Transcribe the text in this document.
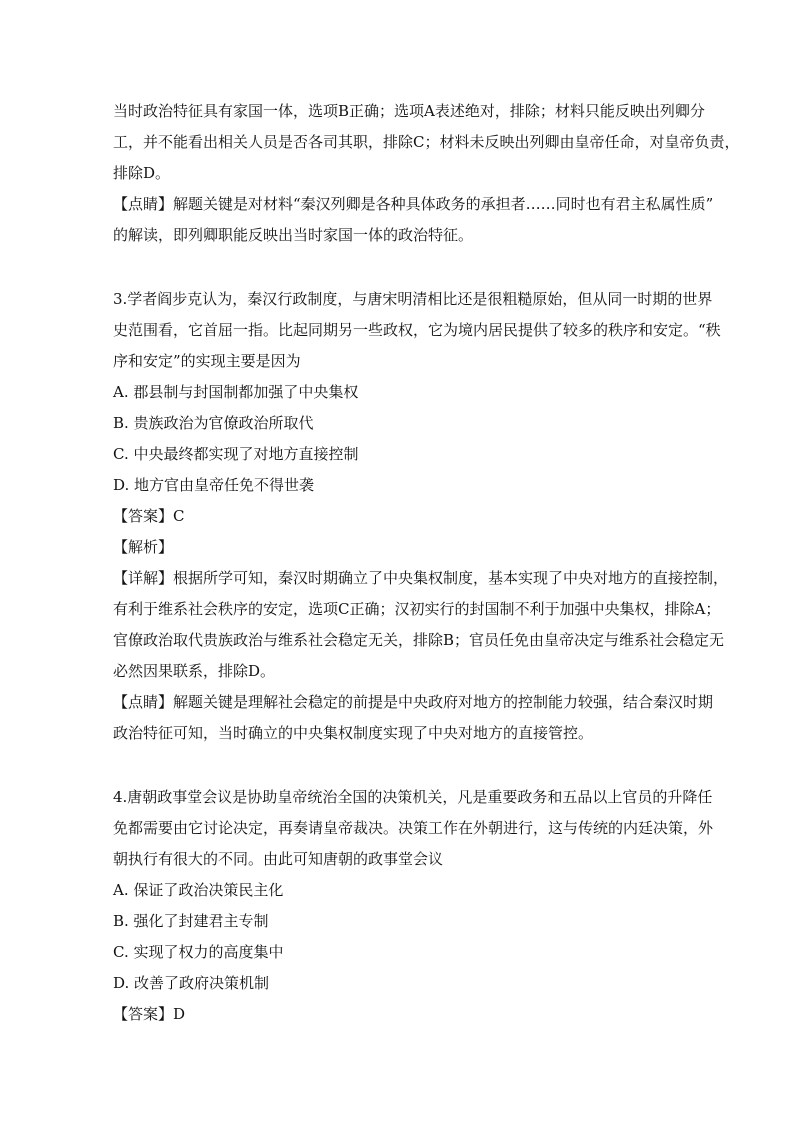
当时政治特征具有家国一体，选项B正确；选项A表述绝对，排除；材料只能反映出列卿分
工，并不能看出相关人员是否各司其职，排除C；材料未反映出列卿由皇帝任命，对皇帝负责，
排除D。
【点睛】解题关键是对材料“秦汉列卿是各种具体政务的承担者……同时也有君主私属性质”
的解读，即列卿职能反映出当时家国一体的政治特征。
3.学者阎步克认为，秦汉行政制度，与唐宋明清相比还是很粗糙原始，但从同一时期的世界
史范围看，它首屈一指。比起同期另一些政权，它为境内居民提供了较多的秩序和安定。“秩
序和安定”的实现主要是因为
A. 郡县制与封国制都加强了中央集权
B. 贵族政治为官僚政治所取代
C. 中央最终都实现了对地方直接控制
D. 地方官由皇帝任免不得世袭
【答案】C
【解析】
【详解】根据所学可知，秦汉时期确立了中央集权制度，基本实现了中央对地方的直接控制，
有利于维系社会秩序的安定，选项C正确；汉初实行的封国制不利于加强中央集权，排除A；
官僚政治取代贵族政治与维系社会稳定无关，排除B；官员任免由皇帝决定与维系社会稳定无
必然因果联系，排除D。
【点睛】解题关键是理解社会稳定的前提是中央政府对地方的控制能力较强，结合秦汉时期
政治特征可知，当时确立的中央集权制度实现了中央对地方的直接管控。
4.唐朝政事堂会议是协助皇帝统治全国的决策机关，凡是重要政务和五品以上官员的升降任
免都需要由它讨论决定，再奏请皇帝裁决。决策工作在外朝进行，这与传统的内廷决策，外
朝执行有很大的不同。由此可知唐朝的政事堂会议
A. 保证了政治决策民主化
B. 强化了封建君主专制
C. 实现了权力的高度集中
D. 改善了政府决策机制
【答案】D
